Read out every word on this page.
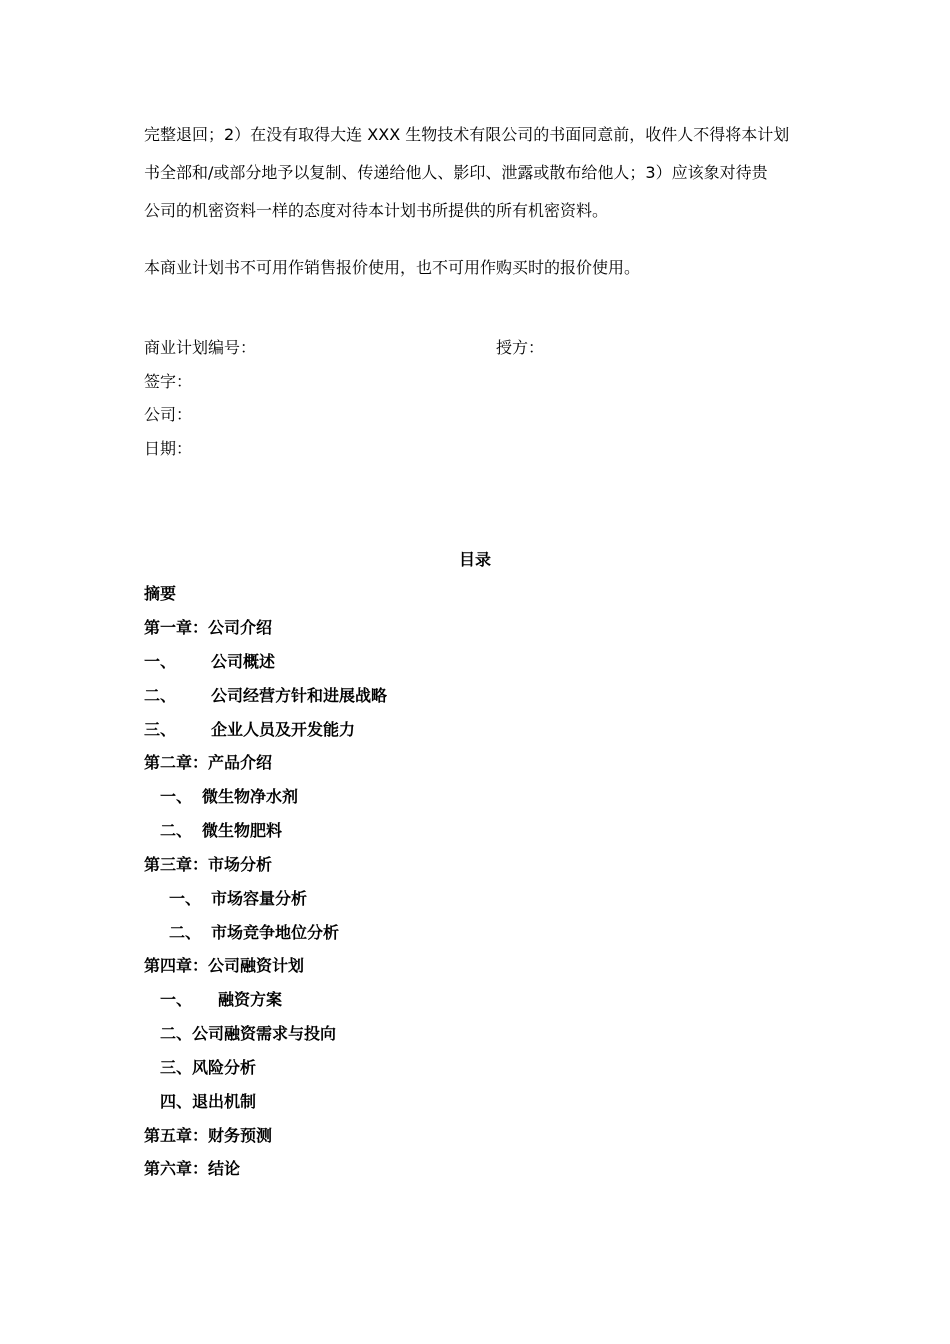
完整退回；2）在没有取得大连 XXX 生物技术有限公司的书面同意前，收件人不得将本计划
书全部和/或部分地予以复制、传递给他人、影印、泄露或散布给他人；3）应该象对待贵
公司的机密资料一样的态度对待本计划书所提供的所有机密资料。
本商业计划书不可用作销售报价使用，也不可用作购买时的报价使用。
商业计划编号：	授方：
签字：
公司：
日期：
目录
摘要
第一章：公司介绍
一、 公司概述
二、 公司经营方针和进展战略
三、 企业人员及开发能力
第二章：产品介绍
一、 微生物净水剂
二、 微生物肥料
第三章：市场分析
一、 市场容量分析
二、 市场竞争地位分析
第四章：公司融资计划
一、 融资方案
二、公司融资需求与投向
三、风险分析
四、退出机制
第五章：财务预测
第六章：结论
